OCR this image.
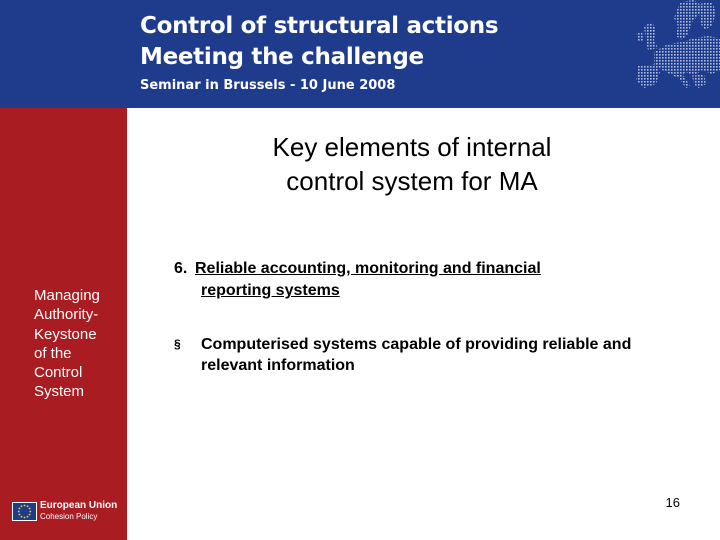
Control of structural actions
Meeting the challenge
Seminar in Brussels - 10 June 2008
Managing
Authority-
Keystone
of the
Control
System
European Union
Cohesion Policy
Key elements of internal
control system for MA
6. Reliable accounting, monitoring and financial reporting systems
§ Computerised systems capable of providing reliable and relevant information
16
